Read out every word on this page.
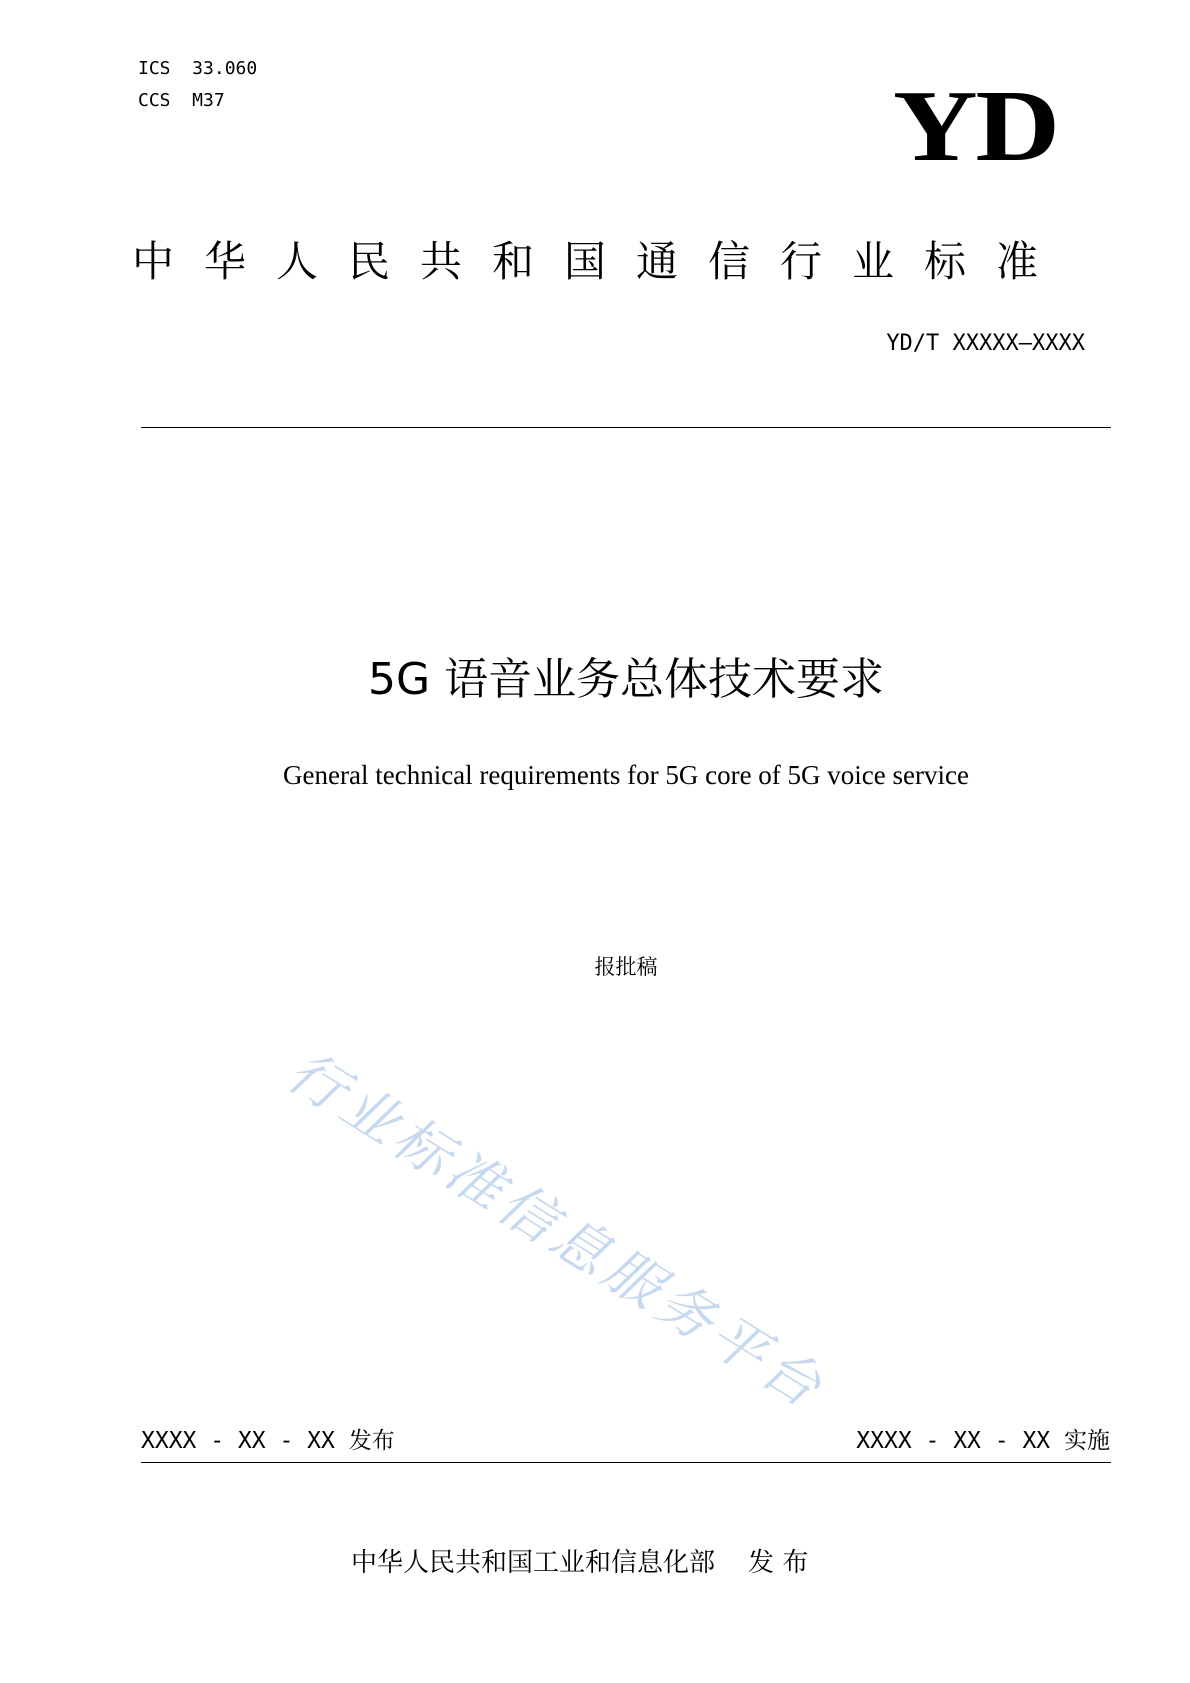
ICS  33.060
CCS  M37	YD
中华人民共和国通信行业标准
YD/T XXXXX—XXXX
5G 语音业务总体技术要求
General technical requirements for 5G core of 5G voice service
报批稿
行业标准信息服务平台
XXXX - XX - XX 发布	XXXX - XX - XX 实施
中华人民共和国工业和信息化部    发 布
